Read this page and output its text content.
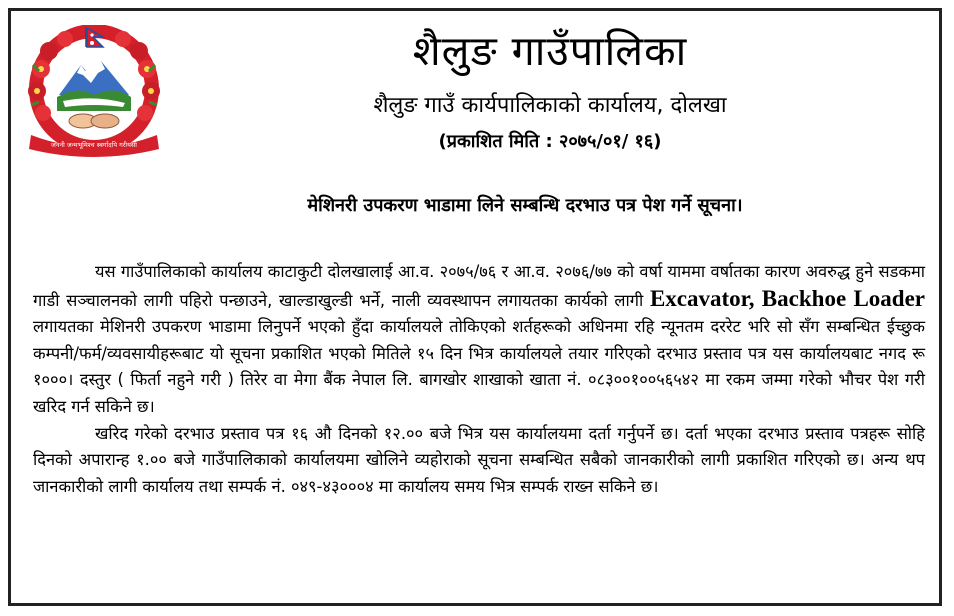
जननी जन्मभूमिश्च स्वर्गादपि गरीयसी
शैलुङ गाउँपालिका
शैलुङ गाउँ कार्यपालिकाको कार्यालय, दोलखा
(प्रकाशित मिति : २०७५/०१/ १६)
मेशिनरी उपकरण भाडामा लिने सम्बन्धि दरभाउ पत्र पेश गर्ने सूचना।

यस गाउँपालिकाको कार्यालय काटाकुटी दोलखालाई आ.व. २०७५/७६ र आ.व. २०७६/७७ को वर्षा याममा वर्षातका कारण अवरुद्ध हुने सडकमा गाडी सञ्चालनको लागी पहिरो पन्छाउने, खाल्डाखुल्डी भर्ने, नाली व्यवस्थापन लगायतका कार्यको लागी Excavator, Backhoe Loader लगायतका मेशिनरी उपकरण भाडामा लिनुपर्ने भएको हुँदा कार्यालयले तोकिएको शर्तहरूको अधिनमा रहि न्यूनतम दररेट भरि सो सँग सम्बन्धित ईच्छुक कम्पनी/फर्म/व्यवसायीहरूबाट यो सूचना प्रकाशित भएको मितिले १५ दिन भित्र कार्यालयले तयार गरिएको दरभाउ प्रस्ताव पत्र यस कार्यालयबाट नगद रू १०००। दस्तुर ( फिर्ता नहुने गरी ) तिरेर वा मेगा बैंक नेपाल लि. बागखोर शाखाको खाता नं. ०८३००१००५६५४२ मा रकम जम्मा गरेको भौचर पेश गरी खरिद गर्न सकिने छ।

खरिद गरेको दरभाउ प्रस्ताव पत्र १६ औ दिनको १२.०० बजे भित्र यस कार्यालयमा दर्ता गर्नुपर्ने छ। दर्ता भएका दरभाउ प्रस्ताव पत्रहरू सोहि दिनको अपारान्ह १.०० बजे गाउँपालिकाको कार्यालयमा खोलिने व्यहोराको सूचना सम्बन्धित सबैको जानकारीको लागी प्रकाशित गरिएको छ। अन्य थप जानकारीको लागी कार्यालय तथा सम्पर्क नं. ०४९-४३०००४ मा कार्यालय समय भित्र सम्पर्क राख्न सकिने छ।
